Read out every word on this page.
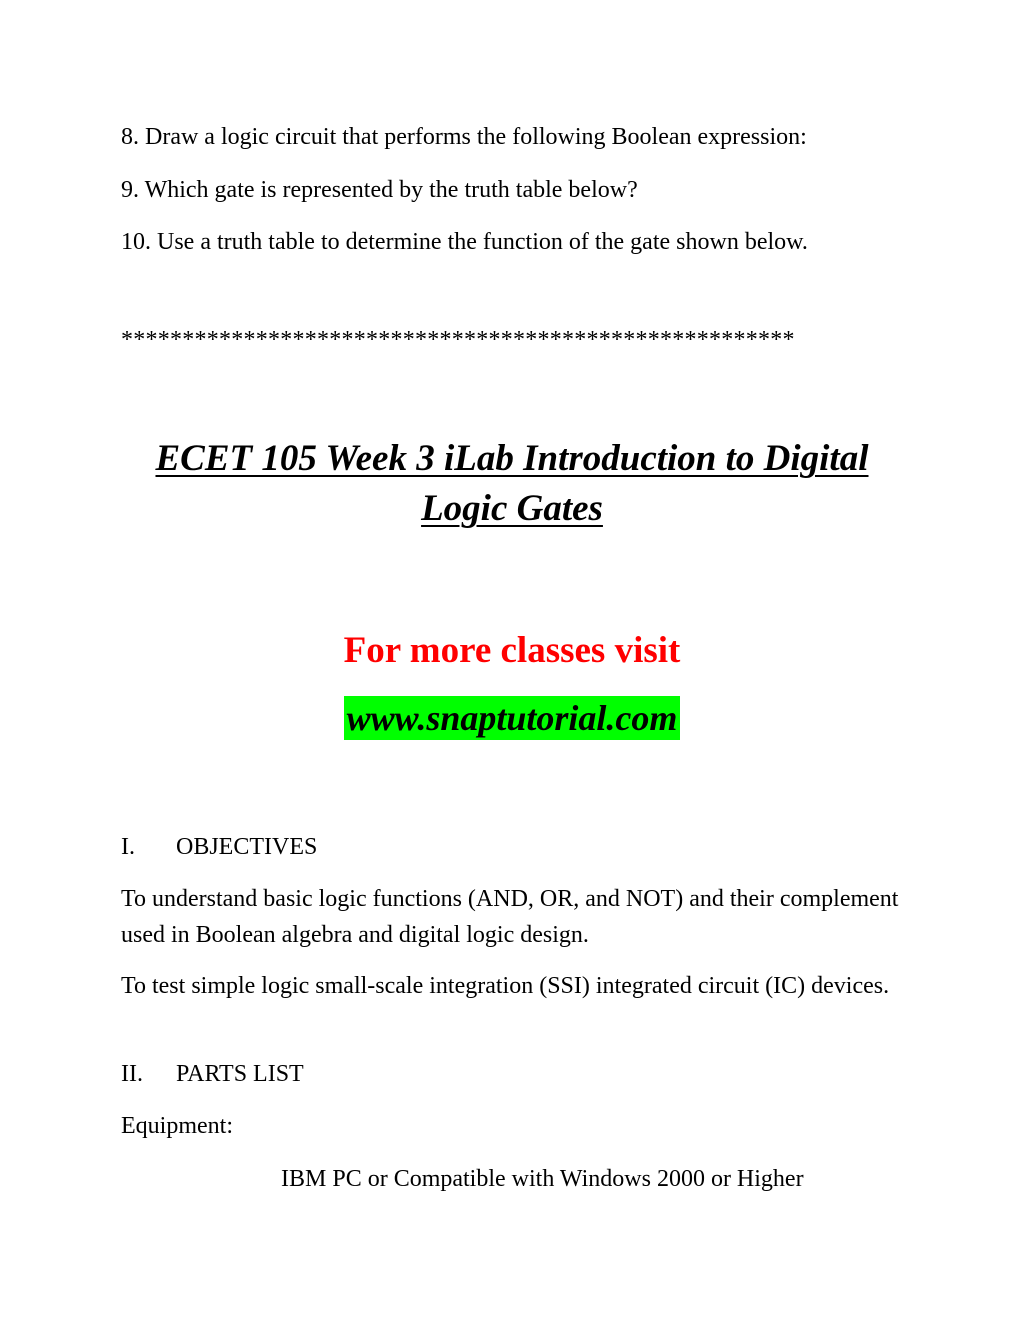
8. Draw a logic circuit that performs the following Boolean expression:

9. Which gate is represented by the truth table below?

10. Use a truth table to determine the function of the gate shown below.

*******************************************************
ECET 105 Week 3 iLab Introduction to Digital
Logic Gates
For more classes visit
www.snaptutorial.com
I. OBJECTIVES

To understand basic logic functions (AND, OR, and NOT) and their complement used in Boolean algebra and digital logic design.

To test simple logic small-scale integration (SSI) integrated circuit (IC) devices.

II. PARTS LIST
Equipment:
IBM PC or Compatible with Windows 2000 or Higher
